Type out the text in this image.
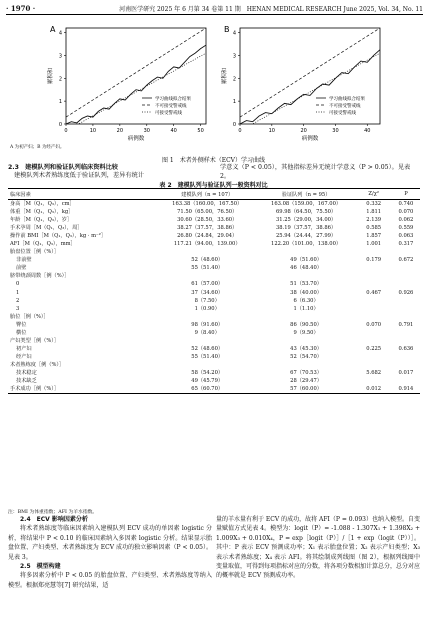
· 1970 ·	河南医学研究 2025 年 6 月第 34 卷第 11 期　HENAN MEDICAL RESEARCH June 2025, Vol. 34, No. 11
A
0	10	20	30	40	50
0
1
2
3
4
病例数
累积和
学习曲线拟合结果
不可接受警戒线
可接受警戒线
B
0	10	20	30	40
0
1
2
3
4
病例数
累积和
学习曲线拟合结果
不可接受警戒线
可接受警戒线
A 为初产妇；B 为经产妇。
图 1　术者外侧样术（ECV）学习曲线
2.3　建模队列和验证队列临床资料比较
建模队列术者熟练度低于验证队列，差异有统计
学意义（P < 0.05），其他指标差异无统计学意义（P > 0.05）。见表 2。
表 2　建模队列与验证队列一般资料对比
临床因素	建模队列（n = 107）	验证队列（n = 95）	Z/χ²	P
身高［M（Q₁，Q₃），cm］	163.38（160.00，167.50）	163.08（159.00，167.00）	0.332	0.740
体重［M（Q₁，Q₃），kg］	71.50（65.00，76.50）	69.98（64.50，75.50）	1.811	0.070
年龄［M（Q₁，Q₃），岁］	30.60（28.50，33.60）	31.25（29.00，34.00）	2.139	0.062
手术孕周［M（Q₁，Q₃），周］	38.27（37.57，38.86）	38.19（37.57，38.86）	0.585	0.559
操作前 BMI［M（Q₁，Q₃），kg · m⁻²］	26.80（24.84，29.04）	25.94（24.44，27.99）	1.857	0.063
AFI［M（Q₁，Q₃），mm］	117.21（94.00，139.00）	122.20（101.00，138.00）	1.001	0.317
胎盘位置［例（%）］				
非前壁	52（48.60）	49（51.60）	0.179	0.672
前壁	55（51.40）	46（48.40）		
脐带绕颈周数［例（%）］				
0	61（57.00）	51（53.70）		
1	37（34.60）	38（40.00）	0.467	0.926
2	8（7.50）	6（6.30）		
3	1（0.90）	1（1.10）		
胎位［例（%）］				
臀位	98（91.60）	86（90.50）	0.070	0.791
横位	9（8.40）	9（9.50）		
产妇类型［例（%）］				
初产妇	52（48.60）	43（45.30）	0.225	0.636
经产妇	55（51.40）	52（54.70）		
术者熟练度［例（%）］				
技术稳定	58（54.20）	67（70.53）	5.682	0.017
技术缺乏	49（45.79）	28（29.47）		
手术成功［例（%）］	65（60.70）	57（60.00）	0.012	0.914
注：BMI 为体重指数；AFI 为羊水指数。

2.4　ECV 影响因素分析

将术者熟练度等临床因素纳入建模队列 ECV 成功的单因素 logistic 分析，将结果中 P < 0.10 的临床因素纳入多因素 logistic 分析。结果显示胎盘位置、产妇类型、术者熟练度为 ECV 成功的独立影响因素（P < 0.05）。见表 3。

2.5　模型构建

将多因素分析中 P < 0.05 的胎盘位置、产妇类型、术者熟练度等纳入模型。根据郑亮慧等[7] 研究结果，适

量的羊水量有利于 ECV 的成功，故将 AFI（P = 0.093）也纳入模型。自变量赋值方式见表 4。模型为：logit（P）= -1.088 - 1.307X₁ + 1.398X₂ + 1.009X₃ + 0.010X₄，P = exp［logit（P）］/［1 + exp（logit（P））］。其中：P 表示 ECV 预测成功率；X₁ 表示胎盘位置；X₂ 表示产妇类型；X₃ 表示术者熟练度；X₄ 表示 AFI。将其绘制成列线图（图 2），根据列线图中变量取值，可得到每项指标对应的分数，将各项分数相加计算总分，总分对应的概率就是 ECV 预测成功率。
